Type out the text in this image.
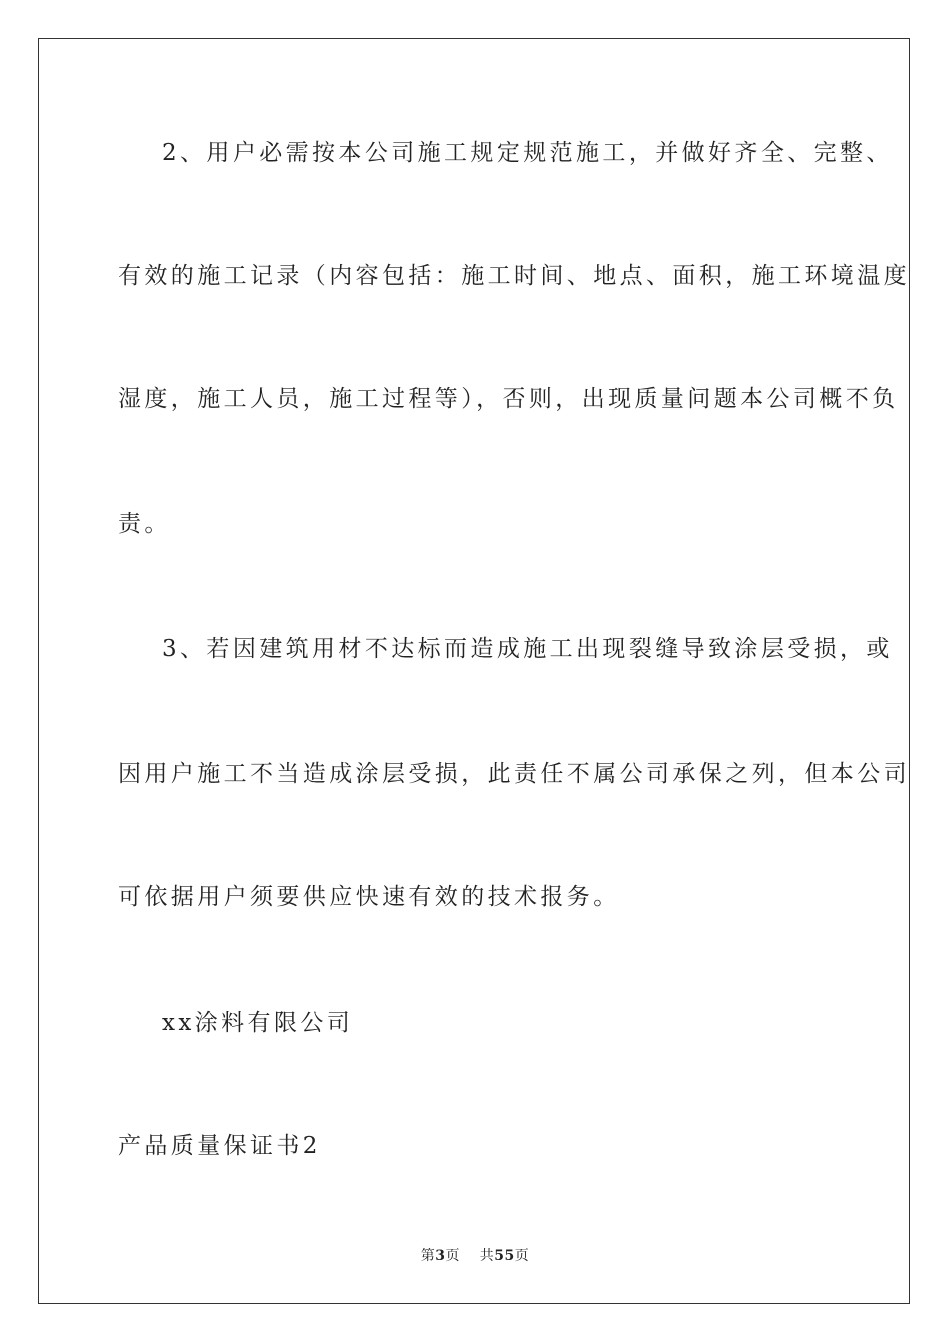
2、用户必需按本公司施工规定规范施工，并做好齐全、完整、
有效的施工记录（内容包括：施工时间、地点、面积，施工环境温度
湿度，施工人员，施工过程等），否则，出现质量问题本公司概不负
责。
3、若因建筑用材不达标而造成施工出现裂缝导致涂层受损，或
因用户施工不当造成涂层受损，此责任不属公司承保之列，但本公司
可依据用户须要供应快速有效的技术报务。
xx涂料有限公司
产品质量保证书2
第3页 共55页
